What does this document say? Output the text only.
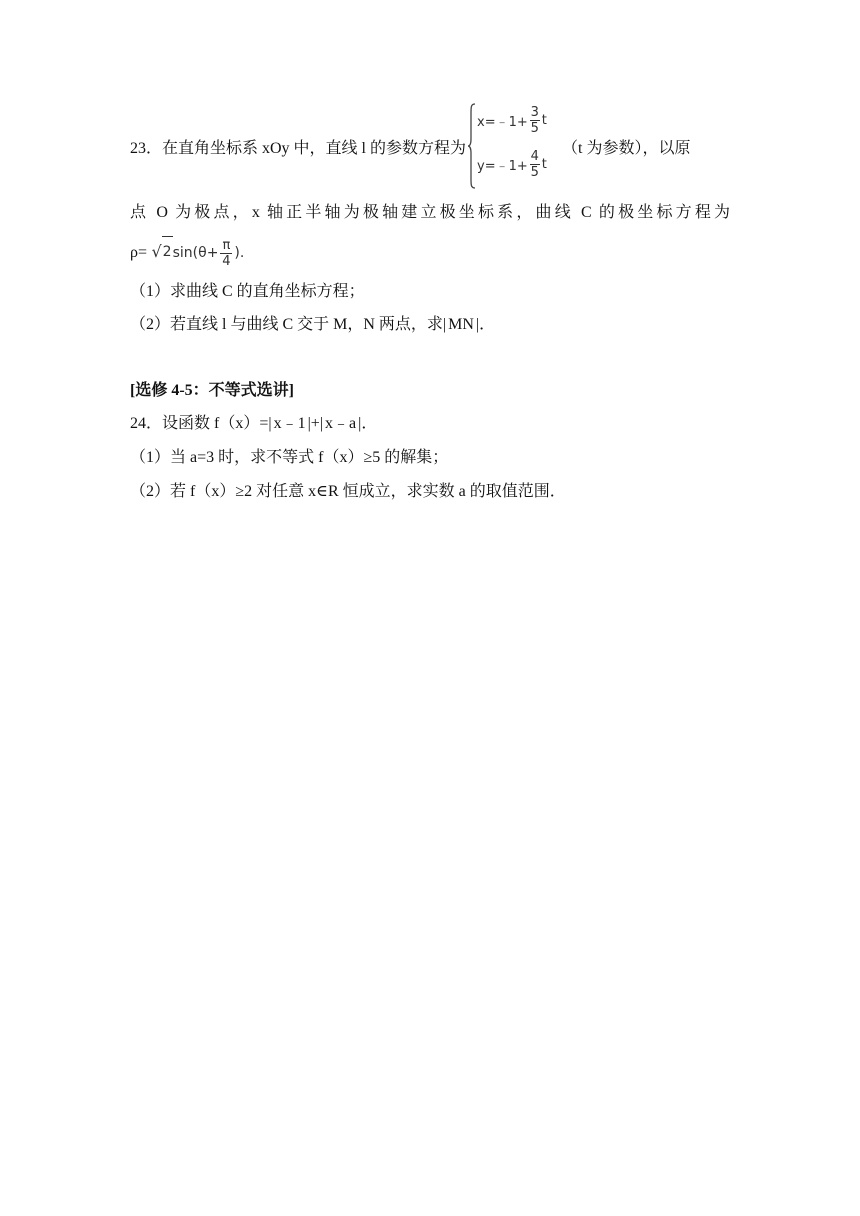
23．在直角坐标系 xOy 中，直线 l 的参数方程为
x=﹣1+ $\frac{3}{5}$ t
y=﹣1+ $\frac{4}{5}$ t
（t 为参数），以原
点 O 为极点，x 轴正半轴为极轴建立极坐标系，曲线 C 的极坐标方程为
ρ= √ 2 $\sin(\theta+ \frac{\pi}{4}$ ).
（1）求曲线 C 的直角坐标方程；
（2）若直线 l 与曲线 C 交于 M，N 两点，求| MN |．
[选修 4-5：不等式选讲]
24．设函数 f（x）=| x﹣1 |+| x﹣a |．
（1）当 a=3 时，求不等式 f（x）≥5 的解集；
（2）若 f（x）≥2 对任意 x∈R 恒成立，求实数 a 的取值范围．
